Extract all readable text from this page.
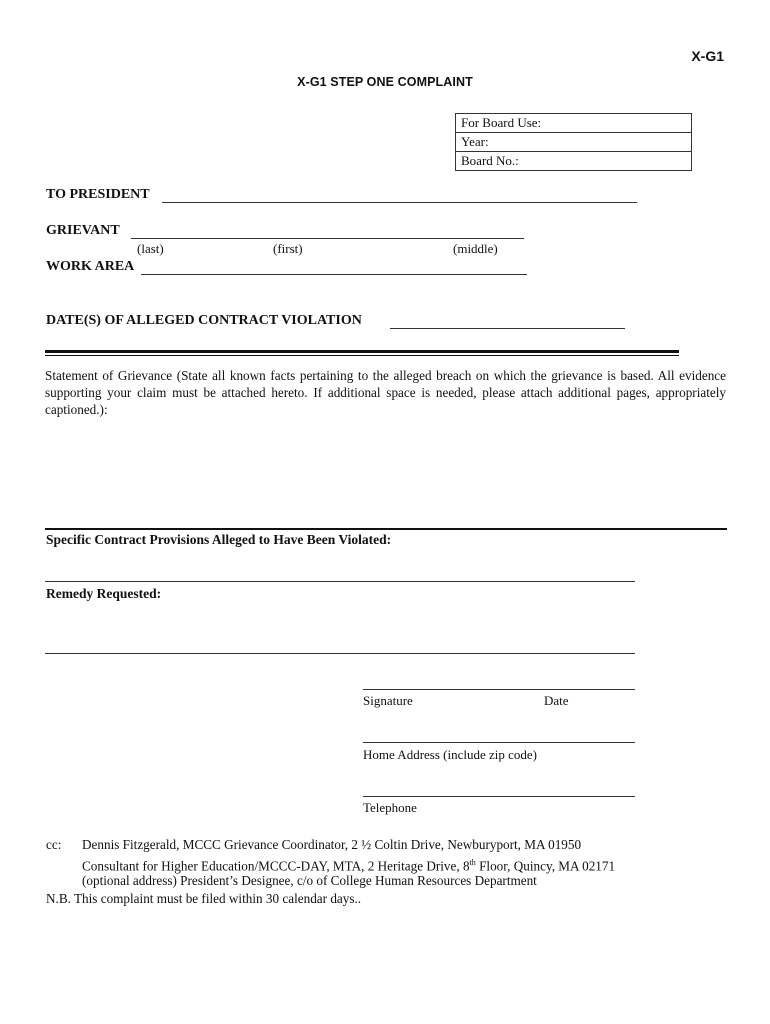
X-G1
X-G1 STEP ONE COMPLAINT
For Board Use:
Year:
Board No.:
TO PRESIDENT
GRIEVANT
(last)	(first)	(middle)
WORK AREA
DATE(S) OF ALLEGED CONTRACT VIOLATION
Statement of Grievance (State all known facts pertaining to the alleged breach on which the grievance is based. All evidence supporting your claim must be attached hereto. If additional space is needed, please attach additional pages, appropriately captioned.):
Specific Contract Provisions Alleged to Have Been Violated:
Remedy Requested:
Signature	Date
Home Address (include zip code)
Telephone
cc: Dennis Fitzgerald, MCCC Grievance Coordinator, 2 ½ Coltin Drive, Newburyport, MA 01950
Consultant for Higher Education/MCCC-DAY, MTA, 2 Heritage Drive, 8th Floor, Quincy, MA 02171
(optional address) President’s Designee, c/o of College Human Resources Department
N.B. This complaint must be filed within 30 calendar days..
